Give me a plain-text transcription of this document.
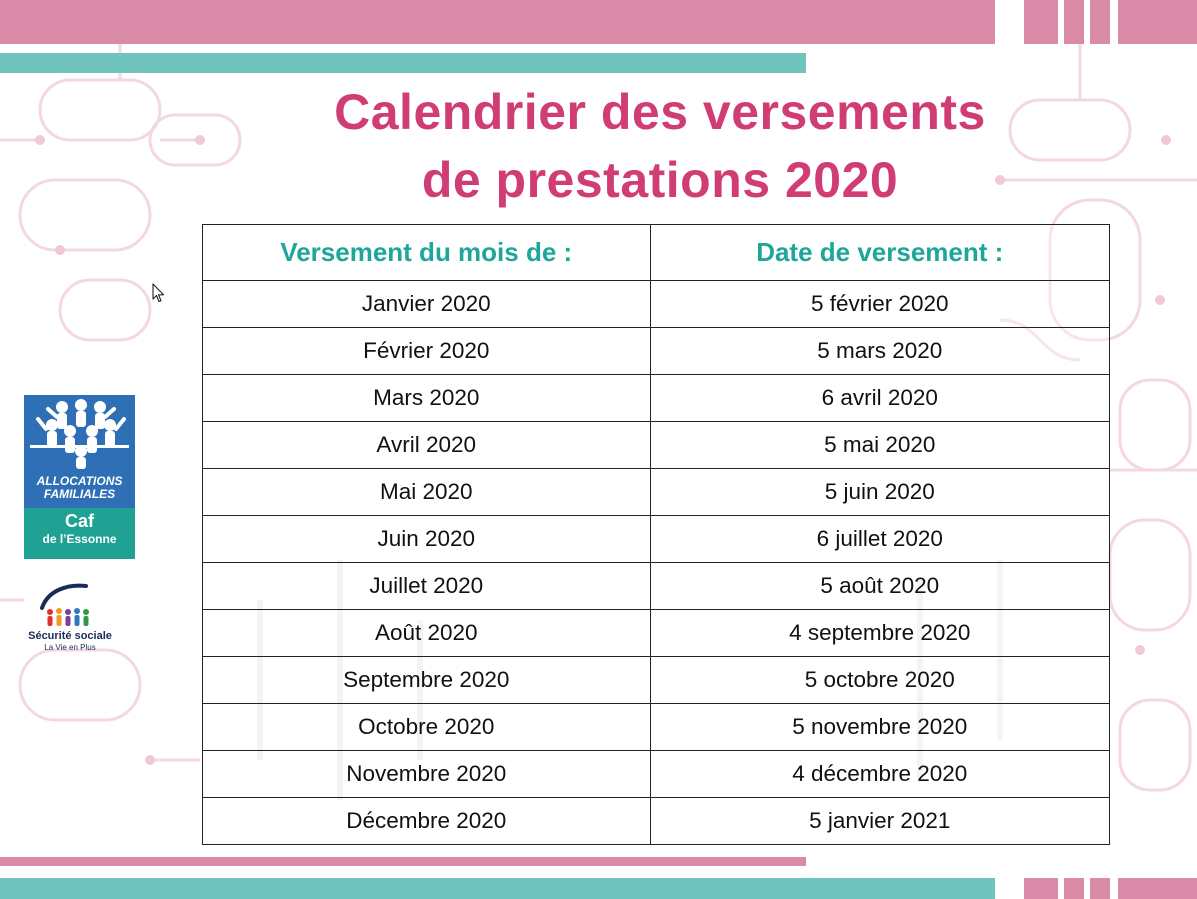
Calendrier des versements
de prestations 2020
Versement du mois de :	Date de versement :
Janvier 2020	5 février 2020
Février 2020	5 mars 2020
Mars 2020	6 avril 2020
Avril 2020	5 mai 2020
Mai 2020	5 juin 2020
Juin 2020	6 juillet 2020
Juillet 2020	5 août 2020
Août 2020	4 septembre 2020
Septembre 2020	5 octobre 2020
Octobre 2020	5 novembre 2020
Novembre 2020	4 décembre 2020
Décembre 2020	5 janvier 2021
ALLOCATIONS
FAMILIALES
Caf
de l’Essonne
Sécurité sociale
La Vie en Plus
